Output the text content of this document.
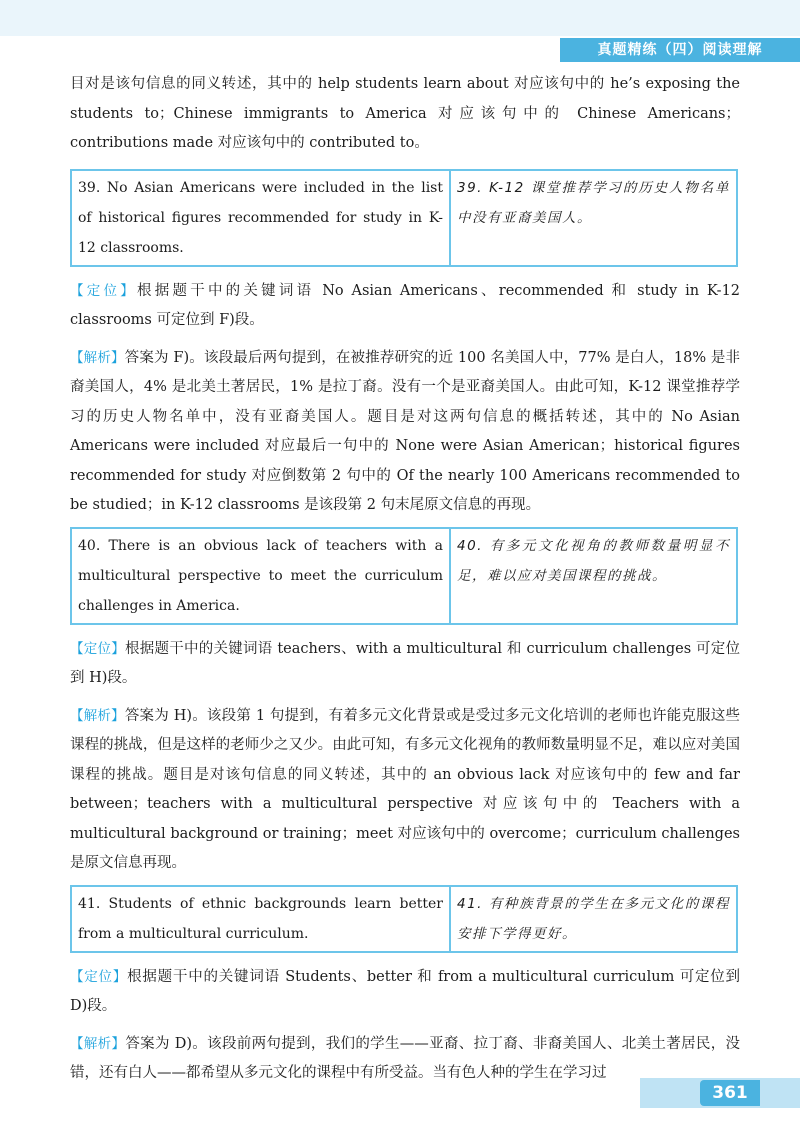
真题精练（四）阅读理解

目对是该句信息的同义转述，其中的 help students learn about 对应该句中的 he’s exposing the students to；Chinese immigrants to America 对应该句中的 Chinese Americans；contributions made 对应该句中的 contributed to。

39. No Asian Americans were included in the list of historical figures recommended for study in K-12 classrooms.	39. K-12 课堂推荐学习的历史人物名单中没有亚裔美国人。

【定位】根据题干中的关键词语 No Asian Americans、recommended 和 study in K-12 classrooms 可定位到 F)段。

【解析】答案为 F)。该段最后两句提到，在被推荐研究的近 100 名美国人中，77% 是白人，18% 是非裔美国人，4% 是北美土著居民，1% 是拉丁裔。没有一个是亚裔美国人。由此可知，K-12 课堂推荐学习的历史人物名单中，没有亚裔美国人。题目是对这两句信息的概括转述，其中的 No Asian Americans were included 对应最后一句中的 None were Asian American；historical figures recommended for study 对应倒数第 2 句中的 Of the nearly 100 Americans recommended to be studied；in K-12 classrooms 是该段第 2 句末尾原文信息的再现。

40. There is an obvious lack of teachers with a multicultural perspective to meet the curriculum challenges in America.	40. 有多元文化视角的教师数量明显不足，难以应对美国课程的挑战。

【定位】根据题干中的关键词语 teachers、with a multicultural 和 curriculum challenges 可定位到 H)段。

【解析】答案为 H)。该段第 1 句提到，有着多元文化背景或是受过多元文化培训的老师也许能克服这些课程的挑战，但是这样的老师少之又少。由此可知，有多元文化视角的教师数量明显不足，难以应对美国课程的挑战。题目是对该句信息的同义转述，其中的 an obvious lack 对应该句中的 few and far between；teachers with a multicultural perspective 对应该句中的 Teachers with a multicultural background or training；meet 对应该句中的 overcome；curriculum challenges 是原文信息再现。

41. Students of ethnic backgrounds learn better from a multicultural curriculum.	41. 有种族背景的学生在多元文化的课程安排下学得更好。

【定位】根据题干中的关键词语 Students、better 和 from a multicultural curriculum 可定位到 D)段。

【解析】答案为 D)。该段前两句提到，我们的学生——亚裔、拉丁裔、非裔美国人、北美土著居民，没错，还有白人——都希望从多元文化的课程中有所受益。当有色人种的学生在学习过

361
